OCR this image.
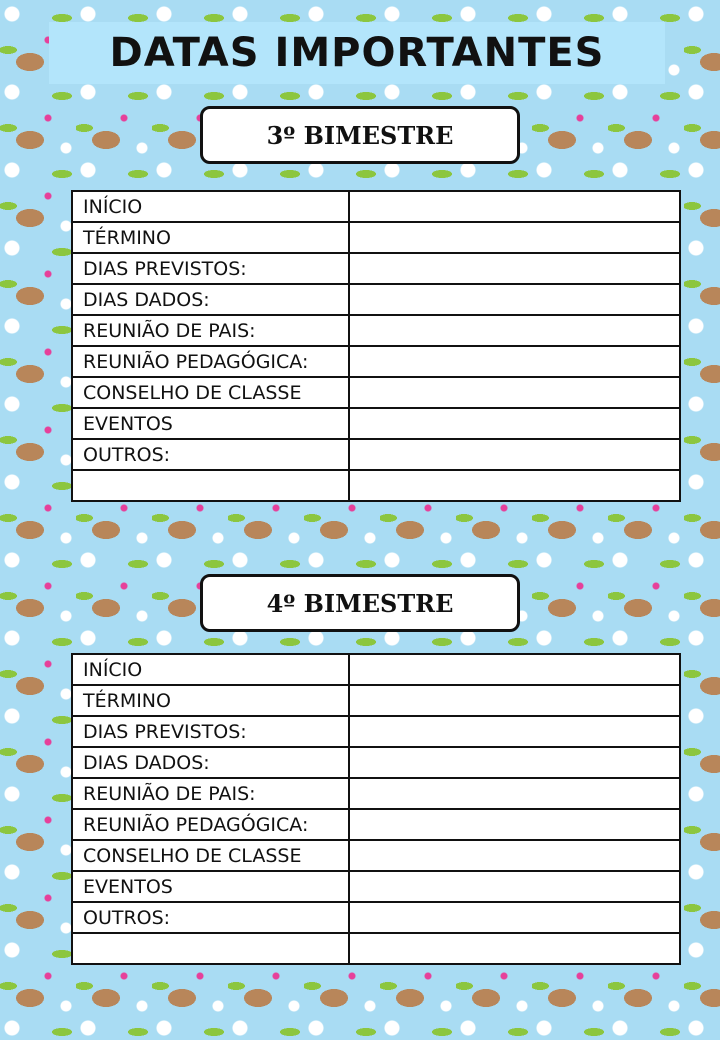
DATAS IMPORTANTES
3º BIMESTRE
INÍCIO	
TÉRMINO	
DIAS PREVISTOS:	
DIAS DADOS:	
REUNIÃO DE PAIS:	
REUNIÃO PEDAGÓGICA:	
CONSELHO DE CLASSE	
EVENTOS	
OUTROS:	

4º BIMESTRE
INÍCIO	
TÉRMINO	
DIAS PREVISTOS:	
DIAS DADOS:	
REUNIÃO DE PAIS:	
REUNIÃO PEDAGÓGICA:	
CONSELHO DE CLASSE	
EVENTOS	
OUTROS:	
